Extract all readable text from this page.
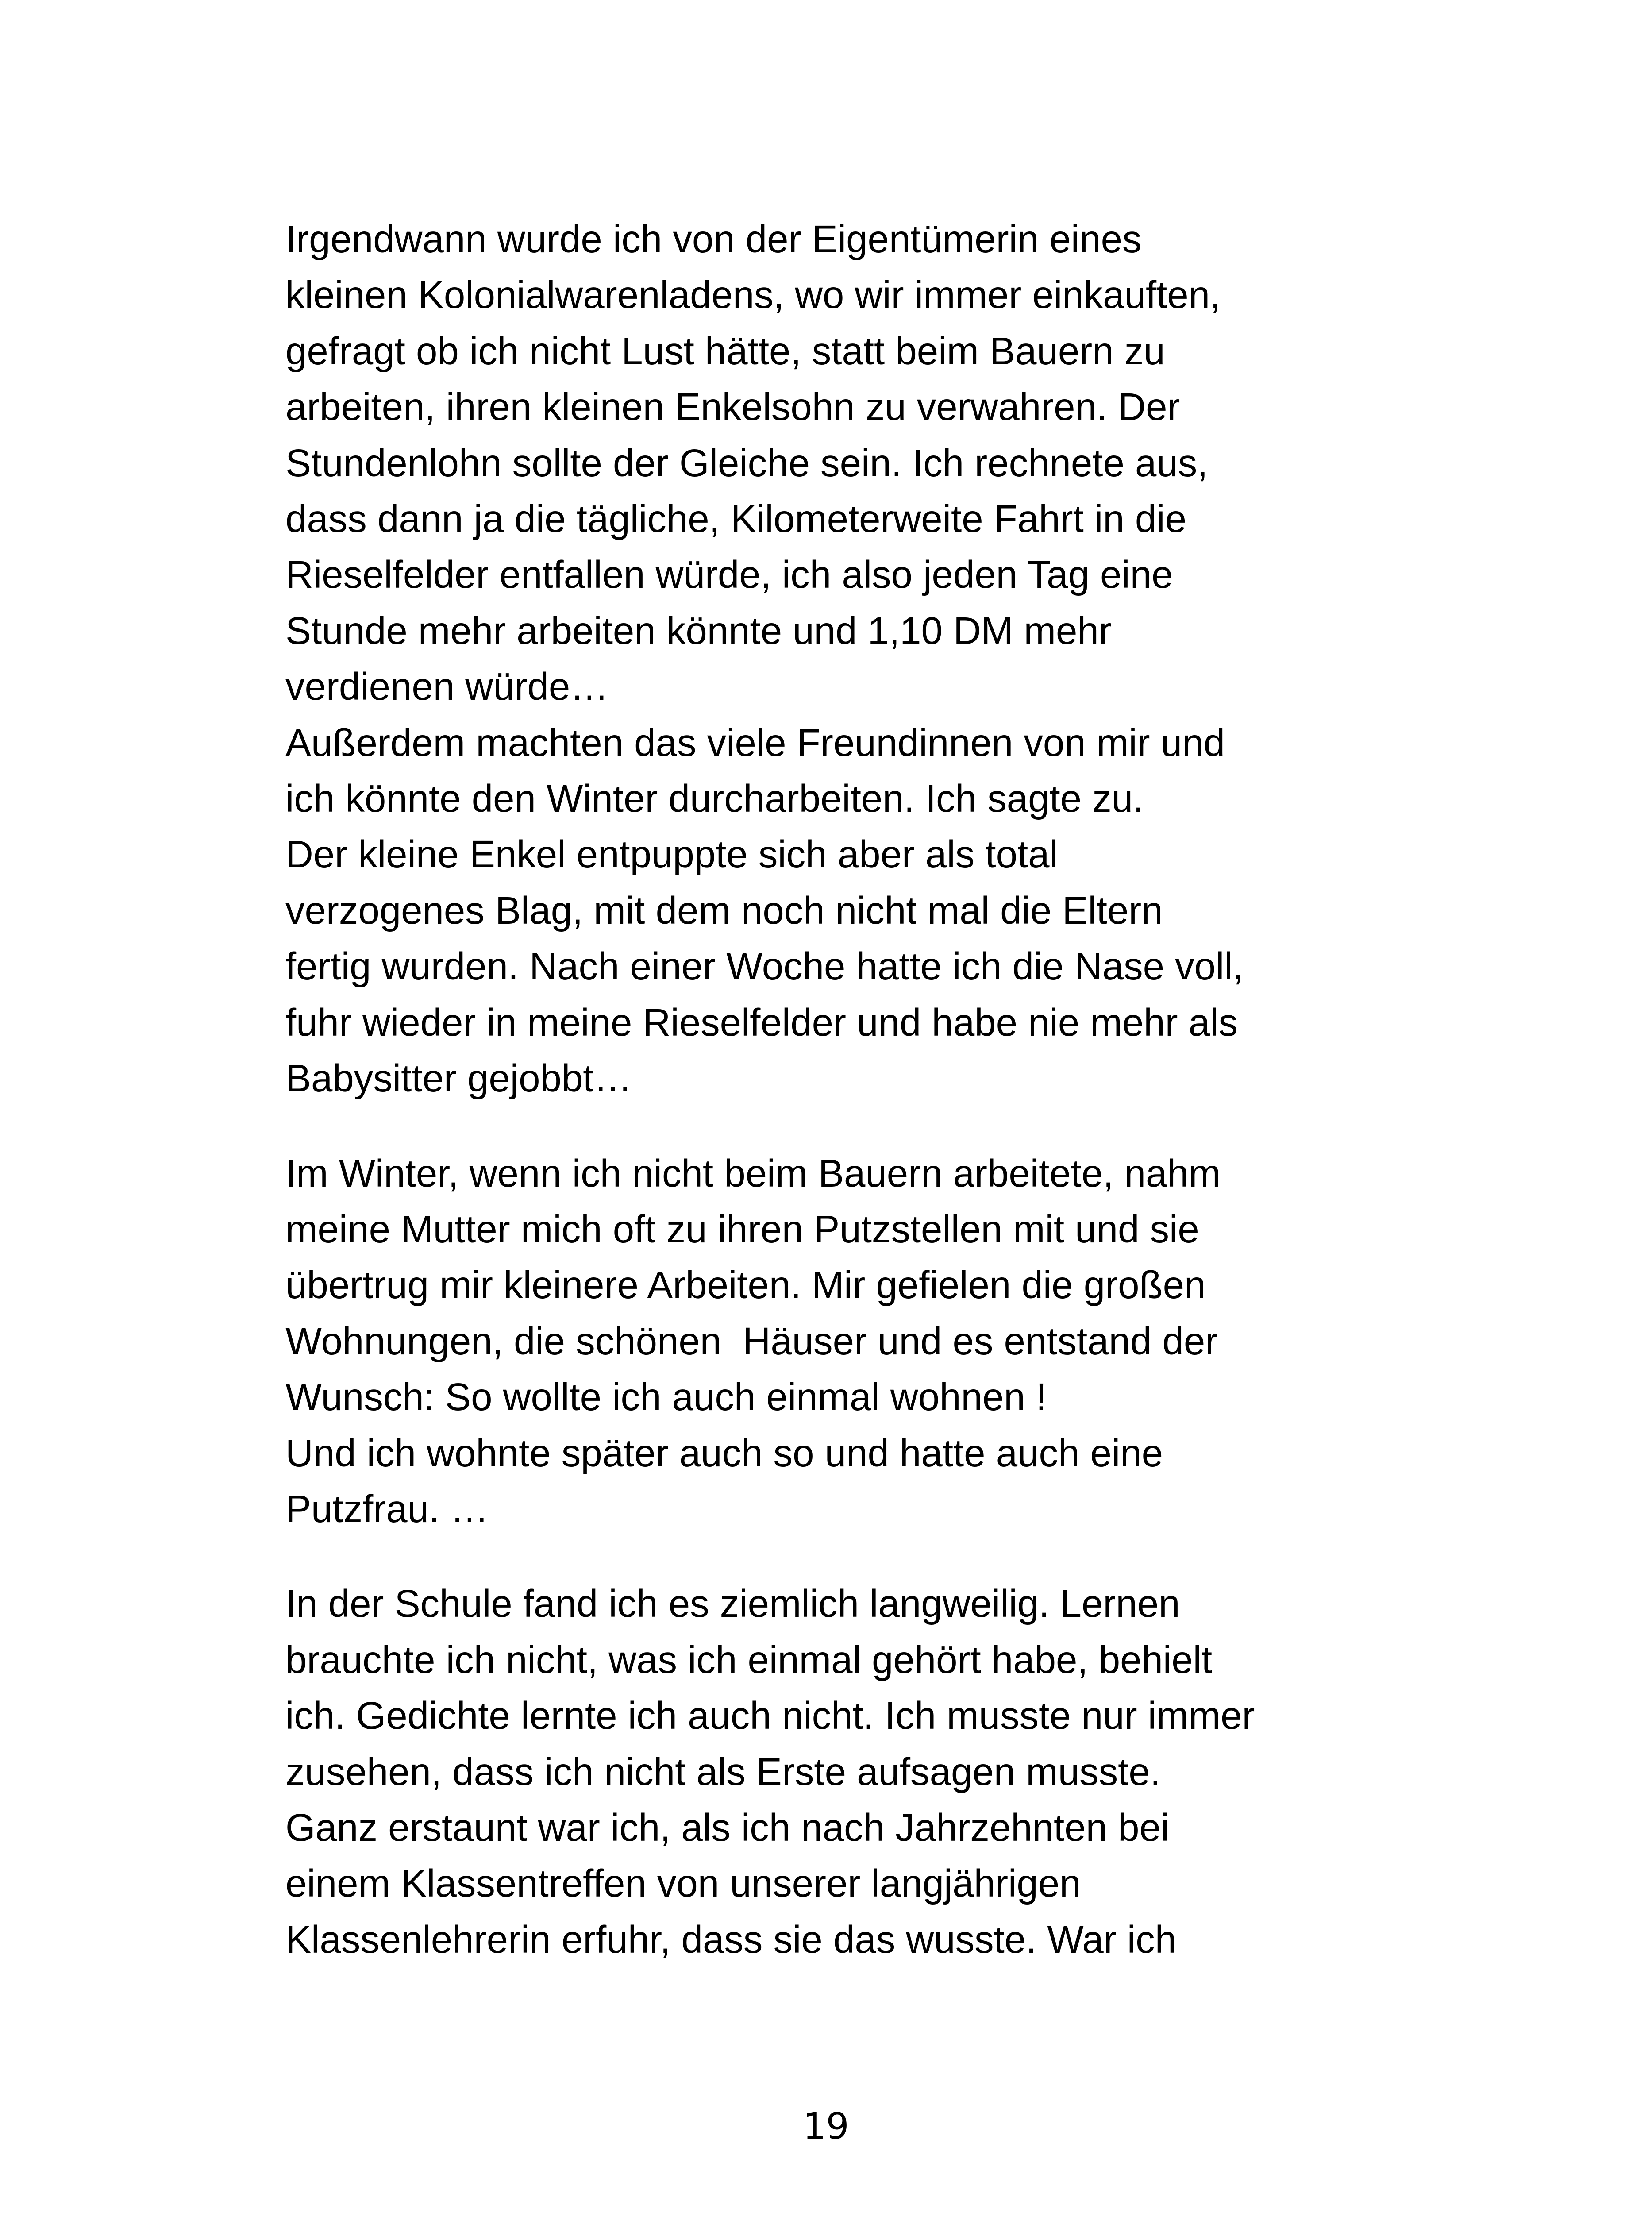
Irgendwann wurde ich von der Eigentümerin eines
kleinen Kolonialwarenladens, wo wir immer einkauften,
gefragt ob ich nicht Lust hätte, statt beim Bauern zu
arbeiten, ihren kleinen Enkelsohn zu verwahren. Der
Stundenlohn sollte der Gleiche sein. Ich rechnete aus,
dass dann ja die tägliche, Kilometerweite Fahrt in die
Rieselfelder entfallen würde, ich also jeden Tag eine
Stunde mehr arbeiten könnte und 1,10 DM mehr
verdienen würde…
Außerdem machten das viele Freundinnen von mir und
ich könnte den Winter durcharbeiten. Ich sagte zu.
Der kleine Enkel entpuppte sich aber als total
verzogenes Blag, mit dem noch nicht mal die Eltern
fertig wurden. Nach einer Woche hatte ich die Nase voll,
fuhr wieder in meine Rieselfelder und habe nie mehr als
Babysitter gejobbt…

Im Winter, wenn ich nicht beim Bauern arbeitete, nahm
meine Mutter mich oft zu ihren Putzstellen mit und sie
übertrug mir kleinere Arbeiten. Mir gefielen die großen
Wohnungen, die schönen  Häuser und es entstand der
Wunsch: So wollte ich auch einmal wohnen !
Und ich wohnte später auch so und hatte auch eine
Putzfrau. …

In der Schule fand ich es ziemlich langweilig. Lernen
brauchte ich nicht, was ich einmal gehört habe, behielt
ich. Gedichte lernte ich auch nicht. Ich musste nur immer
zusehen, dass ich nicht als Erste aufsagen musste.
Ganz erstaunt war ich, als ich nach Jahrzehnten bei
einem Klassentreffen von unserer langjährigen
Klassenlehrerin erfuhr, dass sie das wusste. War ich

19
